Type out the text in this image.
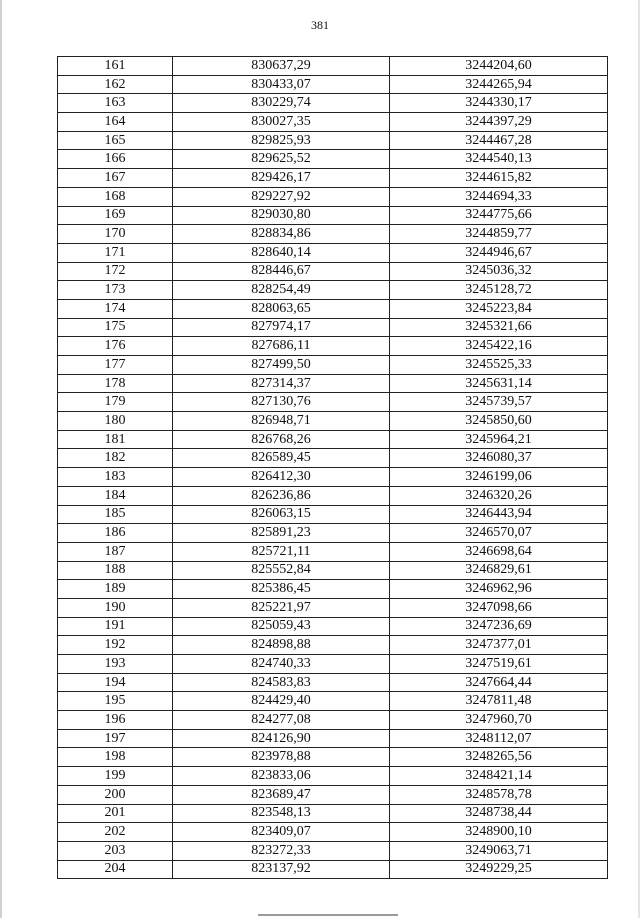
381
161	830637,29	3244204,60
162	830433,07	3244265,94
163	830229,74	3244330,17
164	830027,35	3244397,29
165	829825,93	3244467,28
166	829625,52	3244540,13
167	829426,17	3244615,82
168	829227,92	3244694,33
169	829030,80	3244775,66
170	828834,86	3244859,77
171	828640,14	3244946,67
172	828446,67	3245036,32
173	828254,49	3245128,72
174	828063,65	3245223,84
175	827974,17	3245321,66
176	827686,11	3245422,16
177	827499,50	3245525,33
178	827314,37	3245631,14
179	827130,76	3245739,57
180	826948,71	3245850,60
181	826768,26	3245964,21
182	826589,45	3246080,37
183	826412,30	3246199,06
184	826236,86	3246320,26
185	826063,15	3246443,94
186	825891,23	3246570,07
187	825721,11	3246698,64
188	825552,84	3246829,61
189	825386,45	3246962,96
190	825221,97	3247098,66
191	825059,43	3247236,69
192	824898,88	3247377,01
193	824740,33	3247519,61
194	824583,83	3247664,44
195	824429,40	3247811,48
196	824277,08	3247960,70
197	824126,90	3248112,07
198	823978,88	3248265,56
199	823833,06	3248421,14
200	823689,47	3248578,78
201	823548,13	3248738,44
202	823409,07	3248900,10
203	823272,33	3249063,71
204	823137,92	3249229,25
